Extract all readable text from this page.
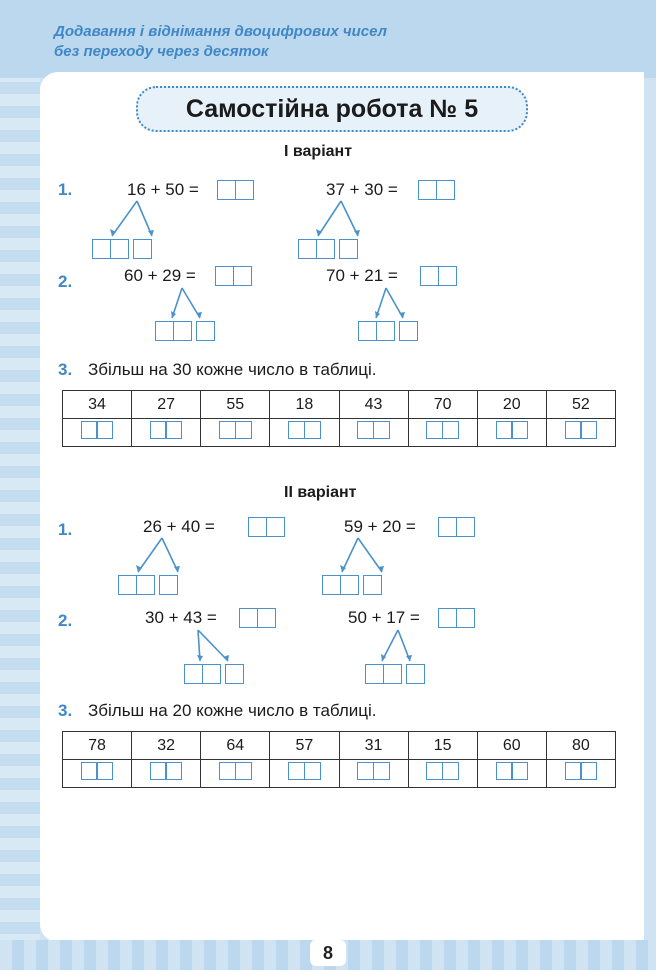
Додавання і віднімання двоцифрових чисел
без переходу через десяток
Самостійна робота № 5
І варіант
1.	16 + 50 =	37 + 30 =
2.	60 + 29 =	70 + 21 =
3. Збільш на 30 кожне число в таблиці.
34	27	55	18	43	70	20	52

ІІ варіант
1.	26 + 40 =	59 + 20 =
2.	30 + 43 =	50 + 17 =
3. Збільш на 20 кожне число в таблиці.
78	32	64	57	31	15	60	80

8
